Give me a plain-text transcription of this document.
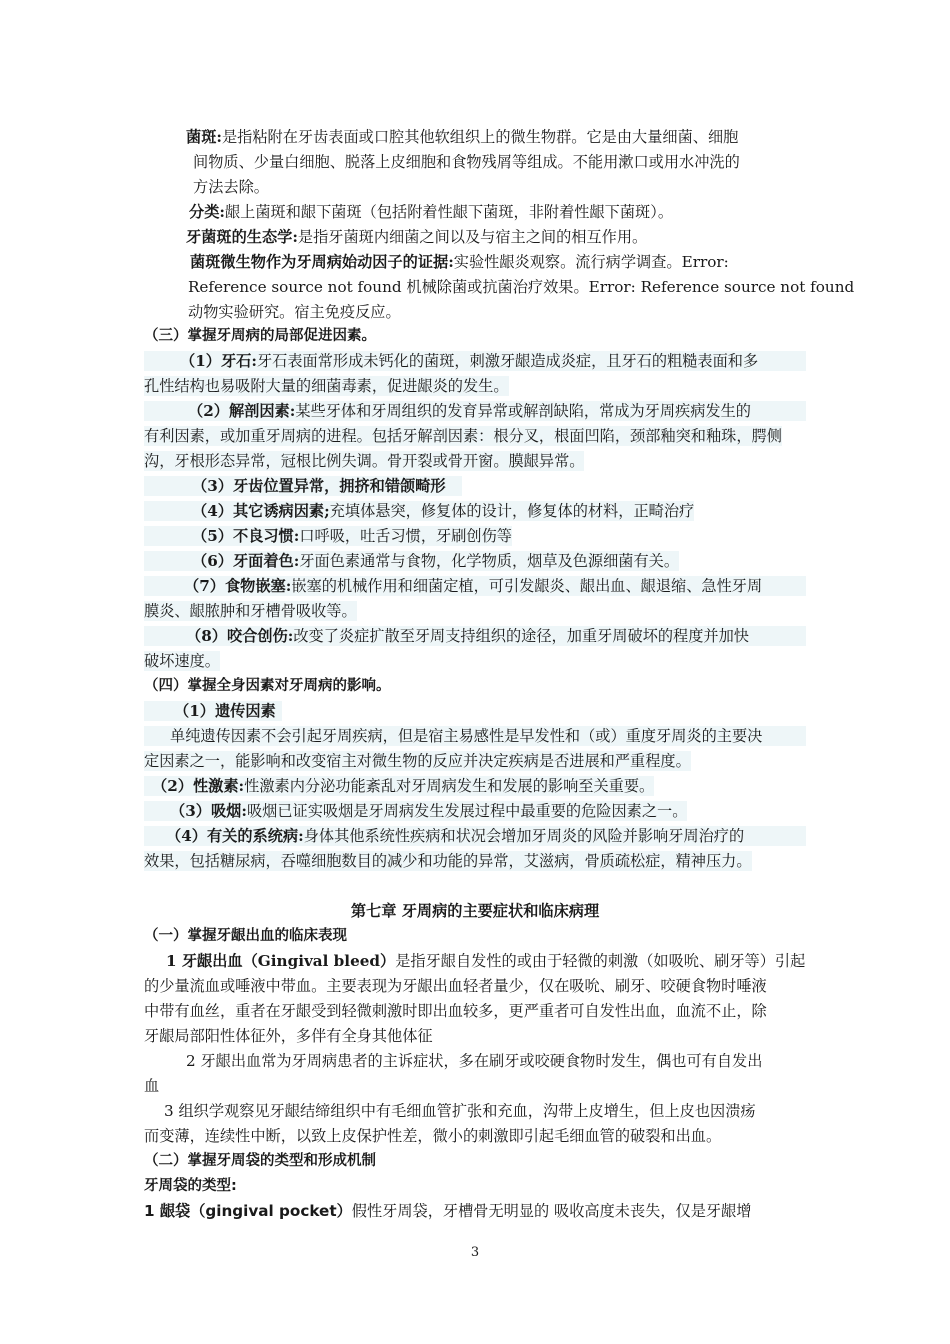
菌斑:是指粘附在牙齿表面或口腔其他软组织上的微生物群。它是由大量细菌、细胞
间物质、少量白细胞、脱落上皮细胞和食物残屑等组成。不能用漱口或用水冲洗的
方法去除。
分类:龈上菌斑和龈下菌斑（包括附着性龈下菌斑，非附着性龈下菌斑）。
牙菌斑的生态学:是指牙菌斑内细菌之间以及与宿主之间的相互作用。
菌斑微生物作为牙周病始动因子的证据:实验性龈炎观察。流行病学调查。Error:
Reference source not found 机械除菌或抗菌治疗效果。Error: Reference source not found
动物实验研究。宿主免疫反应。
（三）掌握牙周病的局部促进因素。
（1）牙石:牙石表面常形成未钙化的菌斑，刺激牙龈造成炎症，且牙石的粗糙表面和多
孔性结构也易吸附大量的细菌毒素，促进龈炎的发生。
（2）解剖因素:某些牙体和牙周组织的发育异常或解剖缺陷，常成为牙周疾病发生的
有利因素，或加重牙周病的进程。包括牙解剖因素：根分叉，根面凹陷，颈部釉突和釉珠，腭侧
沟，牙根形态异常，冠根比例失调。骨开裂或骨开窗。膜龈异常。
（3）牙齿位置异常，拥挤和错颌畸形
（4）其它诱病因素;充填体悬突，修复体的设计，修复体的材料，正畸治疗
（5）不良习惯:口呼吸，吐舌习惯，牙刷创伤等
（6）牙面着色:牙面色素通常与食物，化学物质，烟草及色源细菌有关。
（7）食物嵌塞:嵌塞的机械作用和细菌定植，可引发龈炎、龈出血、龈退缩、急性牙周
膜炎、龈脓肿和牙槽骨吸收等。
（8）咬合创伤:改变了炎症扩散至牙周支持组织的途径，加重牙周破坏的程度并加快
破坏速度。
（四）掌握全身因素对牙周病的影响。
（1）遗传因素
单纯遗传因素不会引起牙周疾病，但是宿主易感性是早发性和（或）重度牙周炎的主要决
定因素之一，能影响和改变宿主对微生物的反应并决定疾病是否进展和严重程度。
（2）性激素:性激素内分泌功能紊乱对牙周病发生和发展的影响至关重要。
（3）吸烟:吸烟已证实吸烟是牙周病发生发展过程中最重要的危险因素之一。
（4）有关的系统病:身体其他系统性疾病和状况会增加牙周炎的风险并影响牙周治疗的
效果，包括糖尿病，吞噬细胞数目的减少和功能的异常，艾滋病，骨质疏松症，精神压力。
第七章 牙周病的主要症状和临床病理
（一）掌握牙龈出血的临床表现
1 牙龈出血（Gingival bleed）是指牙龈自发性的或由于轻微的刺激（如吸吮、刷牙等）引起
的少量流血或唾液中带血。主要表现为牙龈出血轻者量少，仅在吸吮、刷牙、咬硬食物时唾液
中带有血丝，重者在牙龈受到轻微刺激时即出血较多，更严重者可自发性出血，血流不止，除
牙龈局部阳性体征外，多伴有全身其他体征
2 牙龈出血常为牙周病患者的主诉症状，多在刷牙或咬硬食物时发生，偶也可有自发出
血
3 组织学观察见牙龈结缔组织中有毛细血管扩张和充血，沟带上皮增生，但上皮也因溃疡
而变薄，连续性中断，以致上皮保护性差，微小的刺激即引起毛细血管的破裂和出血。
（二）掌握牙周袋的类型和形成机制
牙周袋的类型:
1 龈袋（gingival pocket）假性牙周袋，牙槽骨无明显的 吸收高度未丧失，仅是牙龈增
3
